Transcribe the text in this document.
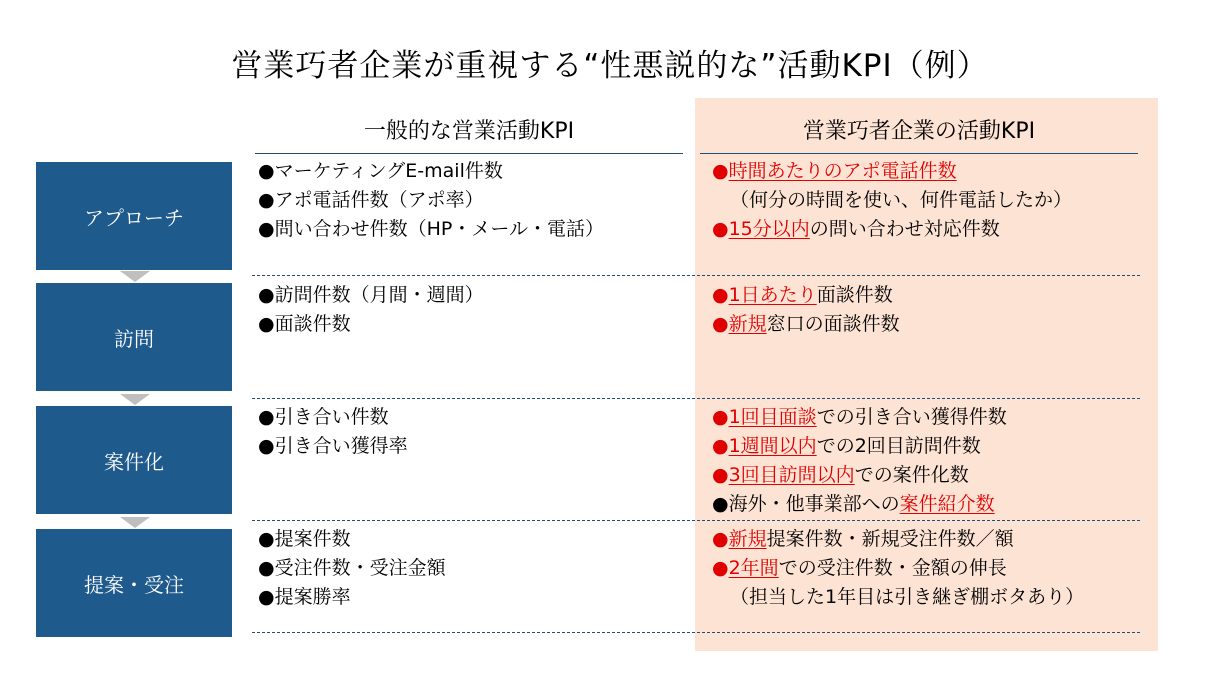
営業巧者企業が重視する“性悪説的な”活動KPI（例）
一般的な営業活動KPI	営業巧者企業の活動KPI
アプローチ
訪問
案件化
提案・受注
●マーケティングE-mail件数
●アポ電話件数（アポ率）
●問い合わせ件数（HP・メール・電話）
●時間あたりのアポ電話件数
（何分の時間を使い、何件電話したか）
●15分以内の問い合わせ対応件数
●訪問件数（月間・週間）
●面談件数
●1日あたり面談件数
●新規窓口の面談件数
●引き合い件数
●引き合い獲得率
●1回目面談での引き合い獲得件数
●1週間以内での2回目訪問件数
●3回目訪問以内での案件化数
●海外・他事業部への案件紹介数
●提案件数
●受注件数・受注金額
●提案勝率
●新規提案件数・新規受注件数／額
●2年間での受注件数・金額の伸長
（担当した1年目は引き継ぎ棚ボタあり）
